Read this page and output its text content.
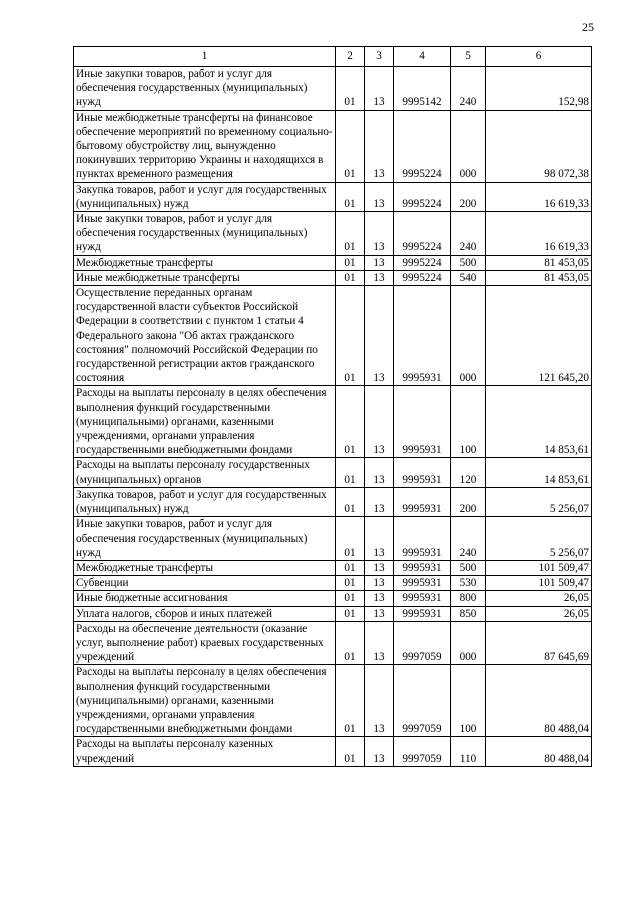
25
1	2	3	4	5	6
Иные закупки товаров, работ и услуг для обеспечения государственных (муниципальных) нужд	01	13	9995142	240	152,98
Иные межбюджетные трансферты на финансовое обеспечение мероприятий по временному социально-бытовому обустройству лиц, вынужденно покинувших территорию Украины и находящихся в пунктах временного размещения	01	13	9995224	000	98 072,38
Закупка товаров, работ и услуг для государственных (муниципальных) нужд	01	13	9995224	200	16 619,33
Иные закупки товаров, работ и услуг для обеспечения государственных (муниципальных) нужд	01	13	9995224	240	16 619,33
Межбюджетные трансферты	01	13	9995224	500	81 453,05
Иные межбюджетные трансферты	01	13	9995224	540	81 453,05
Осуществление переданных органам государственной власти субъектов Российской Федерации в соответствии с пунктом 1 статьи 4 Федерального закона "Об актах гражданского состояния" полномочий Российской Федерации по государственной регистрации актов гражданского состояния	01	13	9995931	000	121 645,20
Расходы на выплаты персоналу в целях обеспечения выполнения функций государственными (муниципальными) органами, казенными учреждениями, органами управления государственными внебюджетными фондами	01	13	9995931	100	14 853,61
Расходы на выплаты персоналу государственных (муниципальных) органов	01	13	9995931	120	14 853,61
Закупка товаров, работ и услуг для государственных (муниципальных) нужд	01	13	9995931	200	5 256,07
Иные закупки товаров, работ и услуг для обеспечения государственных (муниципальных) нужд	01	13	9995931	240	5 256,07
Межбюджетные трансферты	01	13	9995931	500	101 509,47
Субвенции	01	13	9995931	530	101 509,47
Иные бюджетные ассигнования	01	13	9995931	800	26,05
Уплата налогов, сборов и иных платежей	01	13	9995931	850	26,05
Расходы на обеспечение деятельности (оказание услуг, выполнение работ) краевых государственных учреждений	01	13	9997059	000	87 645,69
Расходы на выплаты персоналу в целях обеспечения выполнения функций государственными (муниципальными) органами, казенными учреждениями, органами управления государственными внебюджетными фондами	01	13	9997059	100	80 488,04
Расходы на выплаты персоналу казенных учреждений	01	13	9997059	110	80 488,04
